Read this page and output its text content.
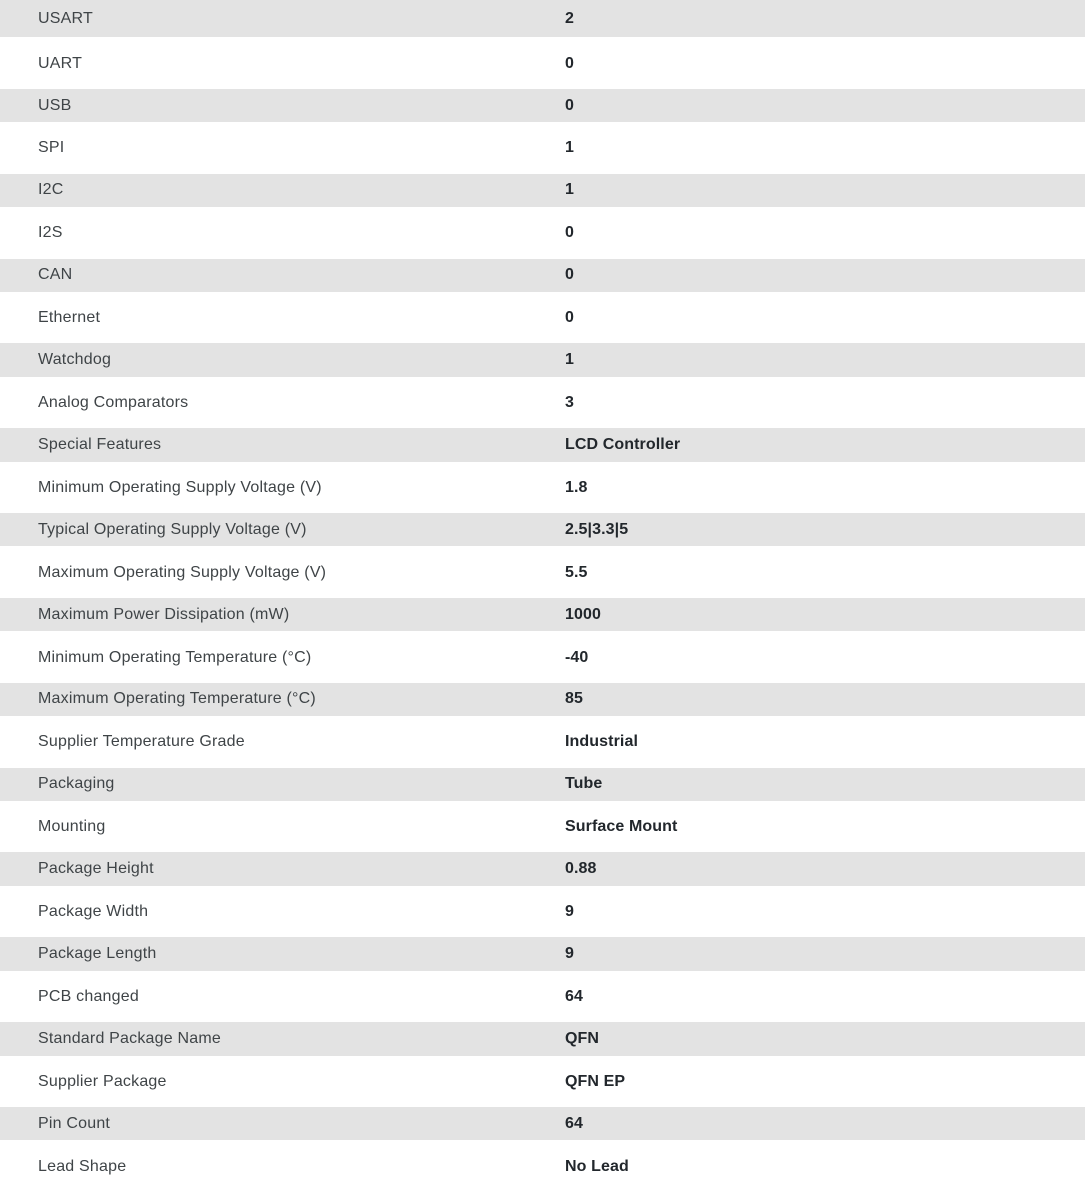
USART	2
UART	0
USB	0
SPI	1
I2C	1
I2S	0
CAN	0
Ethernet	0
Watchdog	1
Analog Comparators	3
Special Features	LCD Controller
Minimum Operating Supply Voltage (V)	1.8
Typical Operating Supply Voltage (V)	2.5|3.3|5
Maximum Operating Supply Voltage (V)	5.5
Maximum Power Dissipation (mW)	1000
Minimum Operating Temperature (°C)	-40
Maximum Operating Temperature (°C)	85
Supplier Temperature Grade	Industrial
Packaging	Tube
Mounting	Surface Mount
Package Height	0.88
Package Width	9
Package Length	9
PCB changed	64
Standard Package Name	QFN
Supplier Package	QFN EP
Pin Count	64
Lead Shape	No Lead
